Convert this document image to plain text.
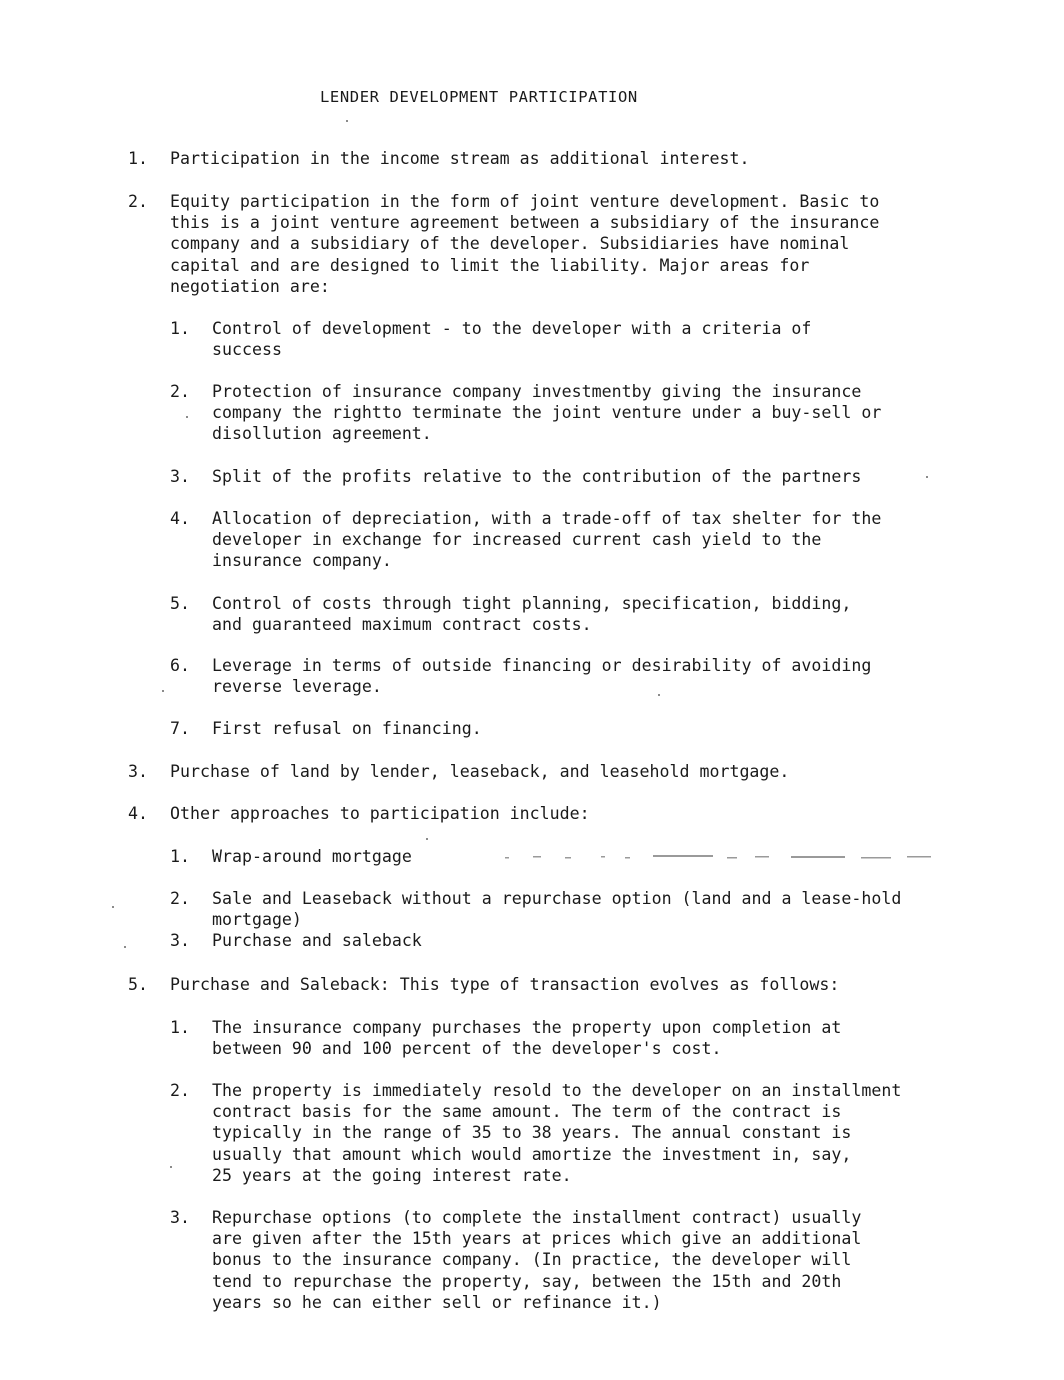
LENDER DEVELOPMENT PARTICIPATION
1. Participation in the income stream as additional interest.
2. Equity participation in the form of joint venture development. Basic to
this is a joint venture agreement between a subsidiary of the insurance
company and a subsidiary of the developer. Subsidiaries have nominal
capital and are designed to limit the liability. Major areas for
negotiation are:
1. Control of development - to the developer with a criteria of
success
2. Protection of insurance company investmentby giving the insurance
company the rightto terminate the joint venture under a buy-sell or
disollution agreement.
3. Split of the profits relative to the contribution of the partners
4. Allocation of depreciation, with a trade-off of tax shelter for the
developer in exchange for increased current cash yield to the
insurance company.
5. Control of costs through tight planning, specification, bidding,
and guaranteed maximum contract costs.
6. Leverage in terms of outside financing or desirability of avoiding
reverse leverage.
7. First refusal on financing.
3. Purchase of land by lender, leaseback, and leasehold mortgage.
4. Other approaches to participation include:
1. Wrap-around mortgage
2. Sale and Leaseback without a repurchase option (land and a lease-hold
mortgage)
3. Purchase and saleback
5. Purchase and Saleback: This type of transaction evolves as follows:
1. The insurance company purchases the property upon completion at
between 90 and 100 percent of the developer's cost.
2. The property is immediately resold to the developer on an installment
contract basis for the same amount. The term of the contract is
typically in the range of 35 to 38 years. The annual constant is
usually that amount which would amortize the investment in, say,
25 years at the going interest rate.
3. Repurchase options (to complete the installment contract) usually
are given after the 15th years at prices which give an additional
bonus to the insurance company. (In practice, the developer will
tend to repurchase the property, say, between the 15th and 20th
years so he can either sell or refinance it.)
